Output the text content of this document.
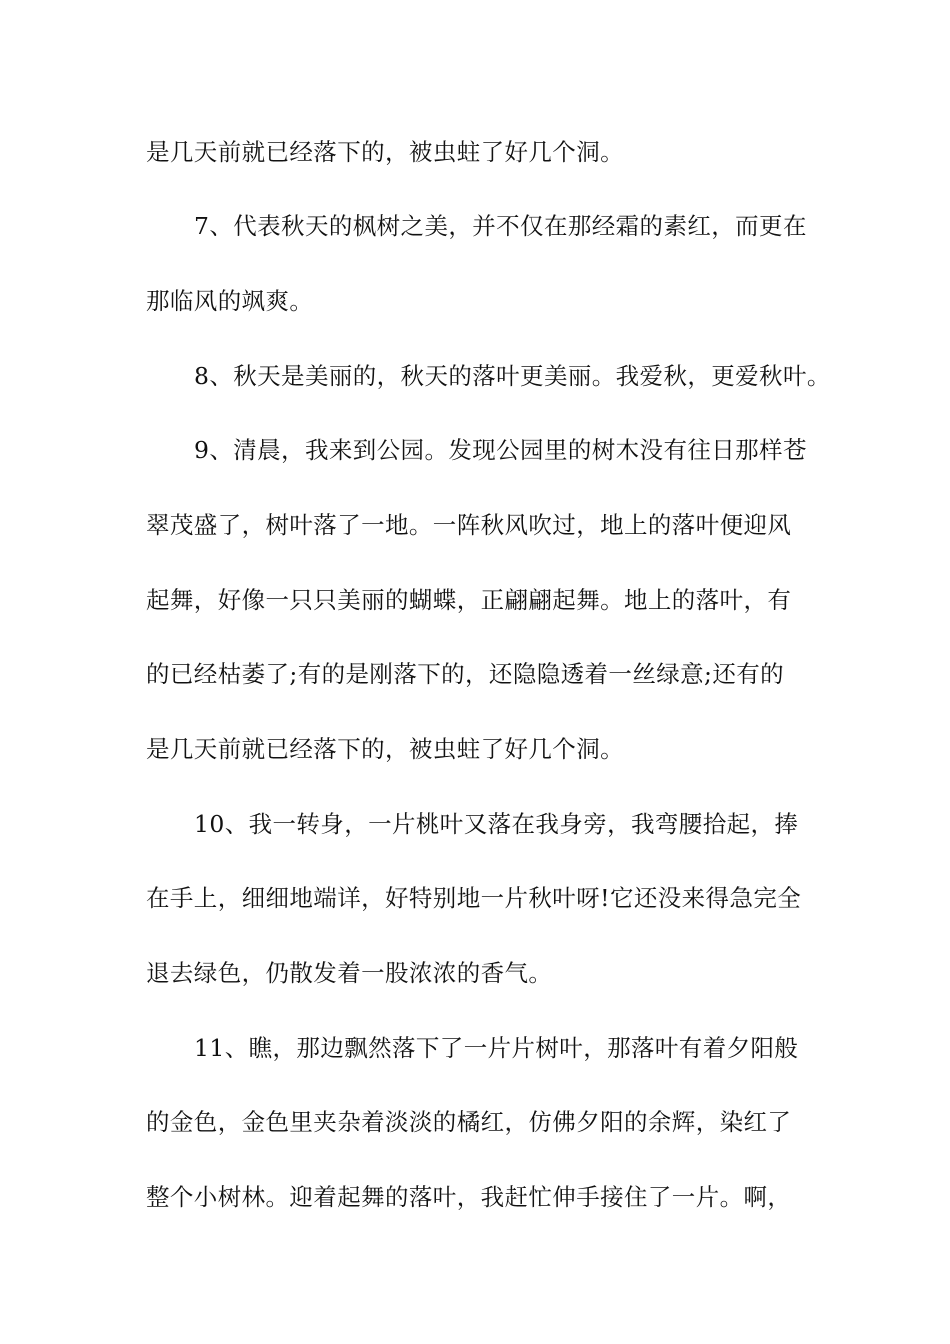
是几天前就已经落下的，被虫蛀了好几个洞。
7、代表秋天的枫树之美，并不仅在那经霜的素红，而更在
那临风的飒爽。
8、秋天是美丽的，秋天的落叶更美丽。我爱秋，更爱秋叶。
9、清晨，我来到公园。发现公园里的树木没有往日那样苍
翠茂盛了，树叶落了一地。一阵秋风吹过，地上的落叶便迎风
起舞，好像一只只美丽的蝴蝶，正翩翩起舞。地上的落叶，有
的已经枯萎了;有的是刚落下的，还隐隐透着一丝绿意;还有的
是几天前就已经落下的，被虫蛀了好几个洞。
10、我一转身，一片桃叶又落在我身旁，我弯腰拾起，捧
在手上，细细地端详，好特别地一片秋叶呀!它还没来得急完全
退去绿色，仍散发着一股浓浓的香气。
11、瞧，那边飘然落下了一片片树叶，那落叶有着夕阳般
的金色，金色里夹杂着淡淡的橘红，仿佛夕阳的余辉，染红了
整个小树林。迎着起舞的落叶，我赶忙伸手接住了一片。啊，
